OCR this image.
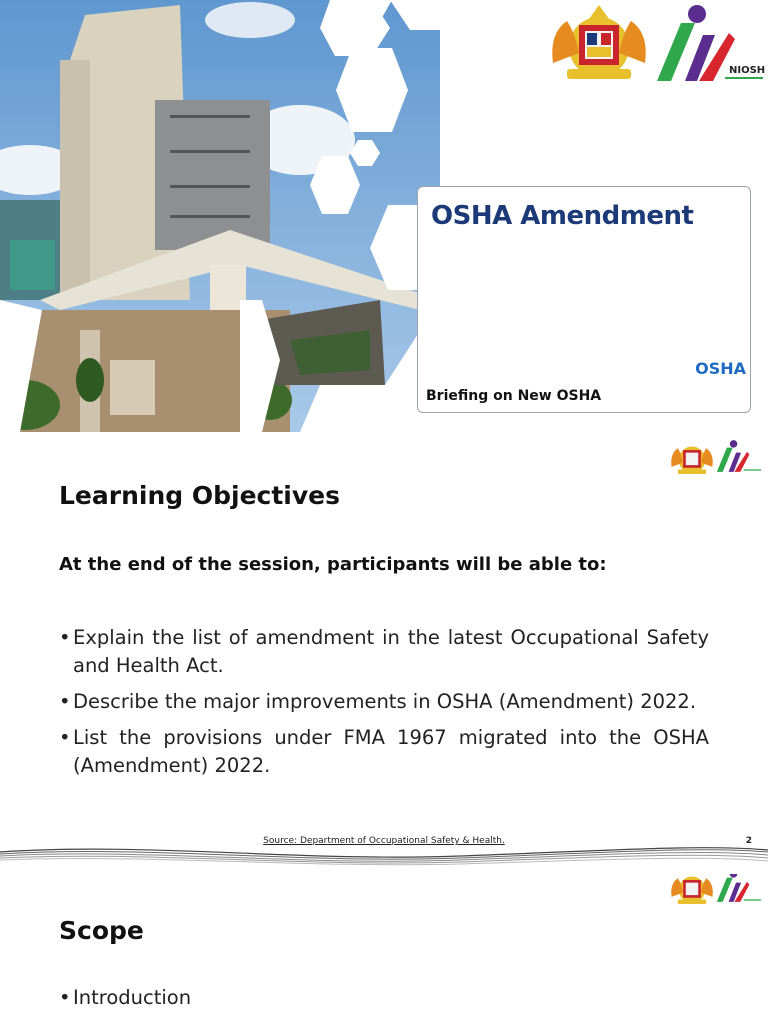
NIOSH
OSHA Amendment
OSHA
Briefing on New OSHA
Learning Objectives
At the end of the session, participants will be able to:
• Explain the list of amendment in the latest Occupational Safety and Health Act.
• Describe the major improvements in OSHA (Amendment) 2022.
• List the provisions under FMA 1967 migrated into the OSHA (Amendment) 2022.
Source: Department of Occupational Safety & Health.	2
Scope
• Introduction
